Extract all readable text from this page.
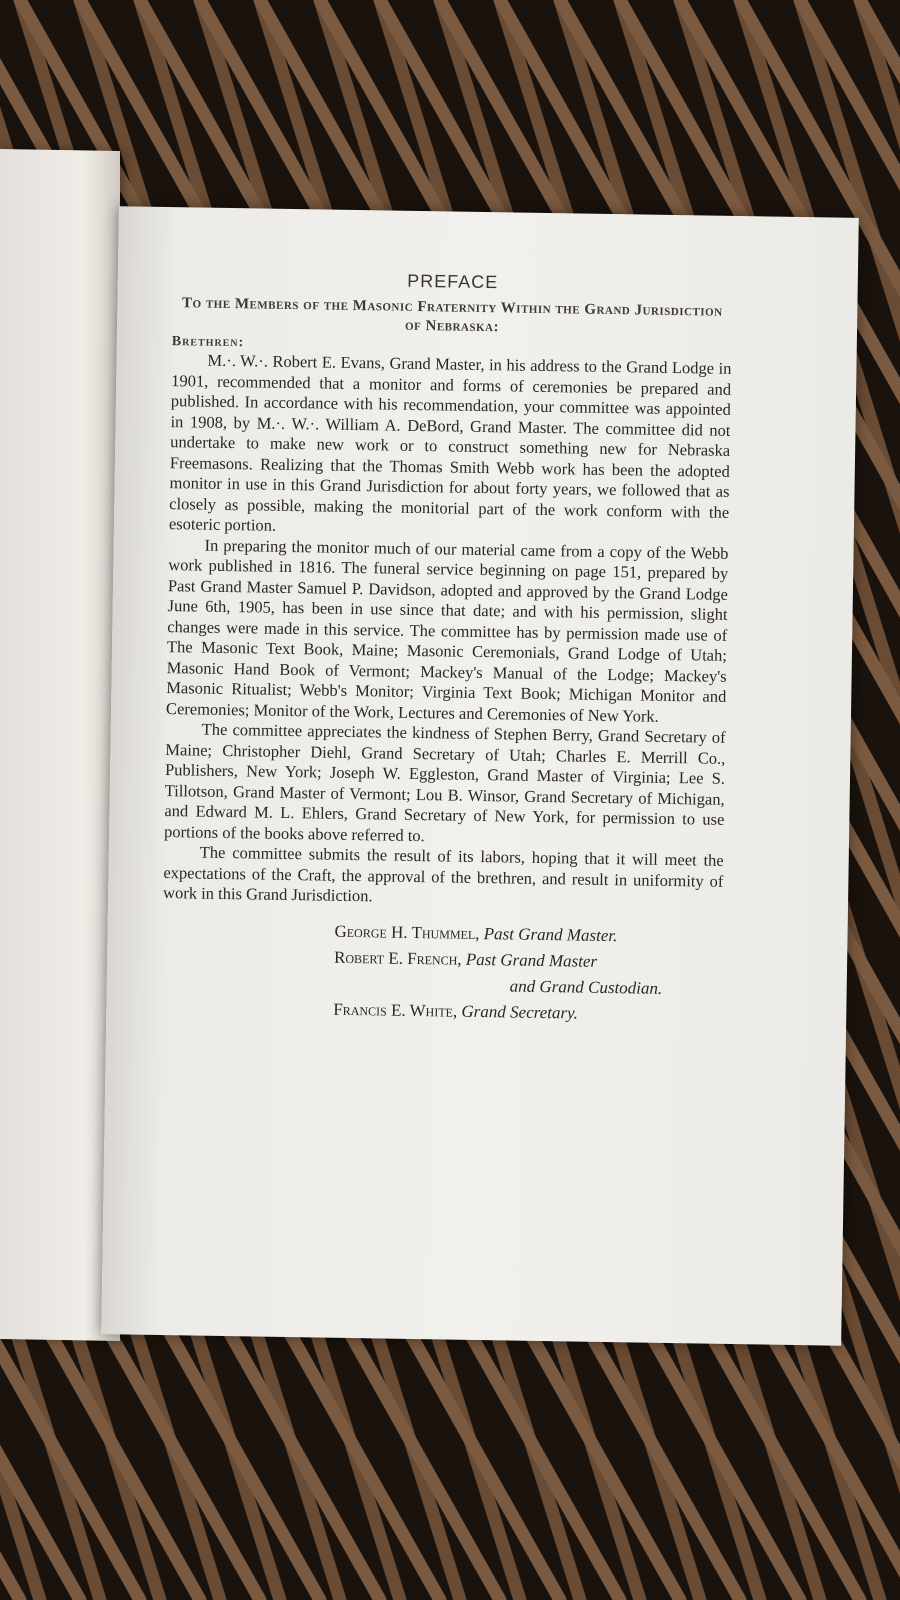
PREFACE

To the Members of the Masonic Fraternity Within the Grand Jurisdiction of Nebraska:

Brethren:

M.·. W.·. Robert E. Evans, Grand Master, in his address to the Grand Lodge in 1901, recommended that a monitor and forms of ceremonies be prepared and published. In accordance with his recommendation, your committee was appointed in 1908, by M.·. W.·. William A. DeBord, Grand Master. The committee did not undertake to make new work or to construct something new for Nebraska Freemasons. Realizing that the Thomas Smith Webb work has been the adopted monitor in use in this Grand Jurisdiction for about forty years, we followed that as closely as possible, making the monitorial part of the work conform with the esoteric portion.

In preparing the monitor much of our material came from a copy of the Webb work published in 1816. The funeral service beginning on page 151, prepared by Past Grand Master Samuel P. Davidson, adopted and approved by the Grand Lodge June 6th, 1905, has been in use since that date; and with his permission, slight changes were made in this service. The committee has by permission made use of The Masonic Text Book, Maine; Masonic Ceremonials, Grand Lodge of Utah; Masonic Hand Book of Vermont; Mackey's Manual of the Lodge; Mackey's Masonic Ritualist; Webb's Monitor; Virginia Text Book; Michigan Monitor and Ceremonies; Monitor of the Work, Lectures and Ceremonies of New York.

The committee appreciates the kindness of Stephen Berry, Grand Secretary of Maine; Christopher Diehl, Grand Secretary of Utah; Charles E. Merrill Co., Publishers, New York; Joseph W. Eggleston, Grand Master of Virginia; Lee S. Tillotson, Grand Master of Vermont; Lou B. Winsor, Grand Secretary of Michigan, and Edward M. L. Ehlers, Grand Secretary of New York, for permission to use portions of the books above referred to.

The committee submits the result of its labors, hoping that it will meet the expectations of the Craft, the approval of the brethren, and result in uniformity of work in this Grand Jurisdiction.

George H. Thummel, Past Grand Master.
Robert E. French, Past Grand Master
and Grand Custodian.
Francis E. White, Grand Secretary.
